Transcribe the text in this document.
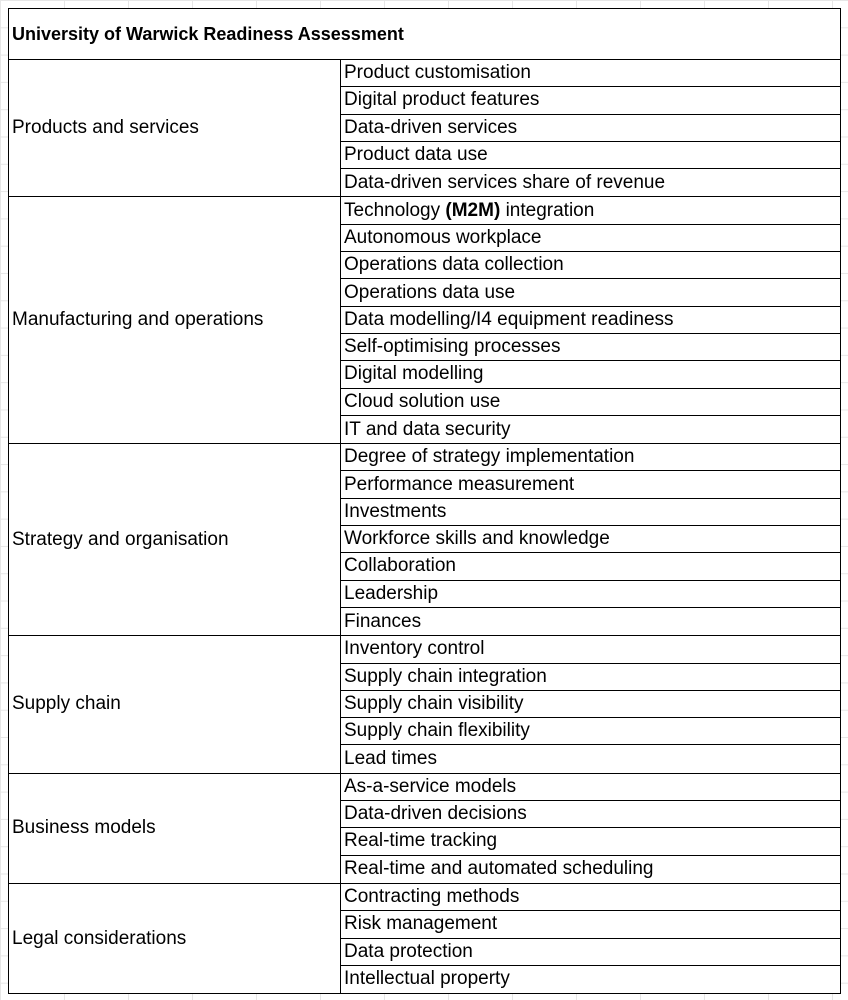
University of Warwick Readiness Assessment
Products and services
Product customisation
Digital product features
Data-driven services
Product data use
Data-driven services share of revenue
Manufacturing and operations
Technology (M2M) integration
Autonomous workplace
Operations data collection
Operations data use
Data modelling/I4 equipment readiness
Self-optimising processes
Digital modelling
Cloud solution use
IT and data security
Strategy and organisation
Degree of strategy implementation
Performance measurement
Investments
Workforce skills and knowledge
Collaboration
Leadership
Finances
Supply chain
Inventory control
Supply chain integration
Supply chain visibility
Supply chain flexibility
Lead times
Business models
As-a-service models
Data-driven decisions
Real-time tracking
Real-time and automated scheduling
Legal considerations
Contracting methods
Risk management
Data protection
Intellectual property
